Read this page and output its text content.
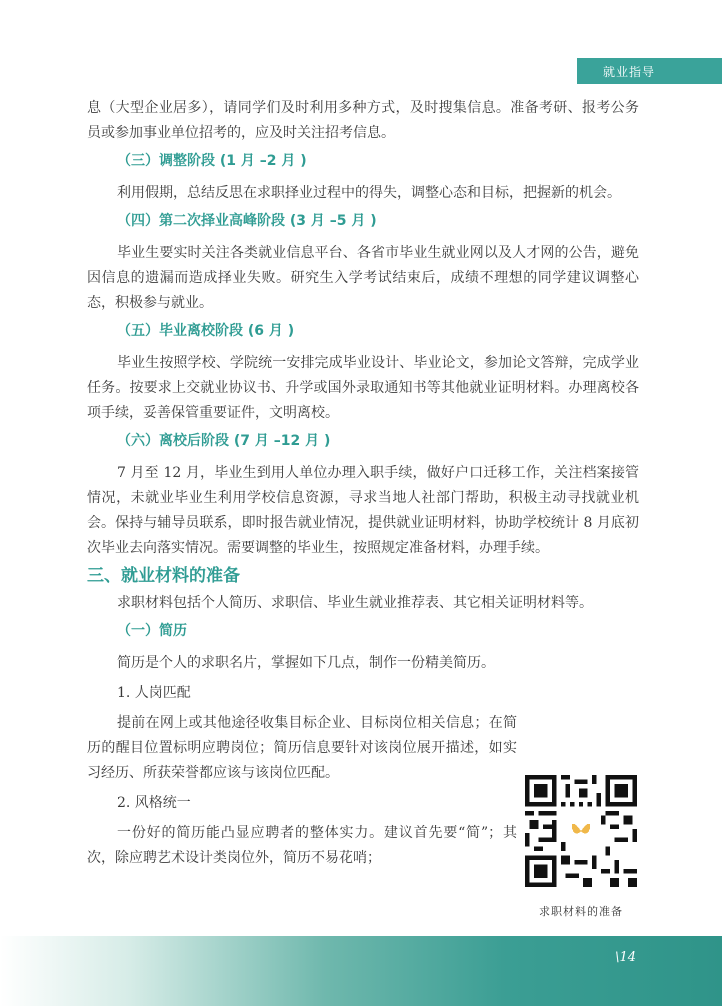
就业指导

息（大型企业居多），请同学们及时利用多种方式，及时搜集信息。准备考研、报考公务员或参加事业单位招考的，应及时关注招考信息。

（三）调整阶段 (1 月 –2 月 )

利用假期，总结反思在求职择业过程中的得失，调整心态和目标，把握新的机会。

（四）第二次择业高峰阶段 (3 月 –5 月 )

毕业生要实时关注各类就业信息平台、各省市毕业生就业网以及人才网的公告，避免因信息的遗漏而造成择业失败。研究生入学考试结束后，成绩不理想的同学建议调整心态，积极参与就业。

（五）毕业离校阶段 (6 月 )

毕业生按照学校、学院统一安排完成毕业设计、毕业论文，参加论文答辩，完成学业任务。按要求上交就业协议书、升学或国外录取通知书等其他就业证明材料。办理离校各项手续，妥善保管重要证件，文明离校。

（六）离校后阶段 (7 月 –12 月 )

7 月至 12 月，毕业生到用人单位办理入职手续，做好户口迁移工作，关注档案接管情况，未就业毕业生利用学校信息资源，寻求当地人社部门帮助，积极主动寻找就业机会。保持与辅导员联系，即时报告就业情况，提供就业证明材料，协助学校统计 8 月底初次毕业去向落实情况。需要调整的毕业生，按照规定准备材料，办理手续。

三、就业材料的准备

求职材料包括个人简历、求职信、毕业生就业推荐表、其它相关证明材料等。

（一）简历

简历是个人的求职名片，掌握如下几点，制作一份精美简历。

1. 人岗匹配

提前在网上或其他途径收集目标企业、目标岗位相关信息；在简历的醒目位置标明应聘岗位；简历信息要针对该岗位展开描述，如实习经历、所获荣誉都应该与该岗位匹配。

2. 风格统一

一份好的简历能凸显应聘者的整体实力。建议首先要“简”；其次，除应聘艺术设计类岗位外，简历不易花哨；

求职材料的准备
\14
